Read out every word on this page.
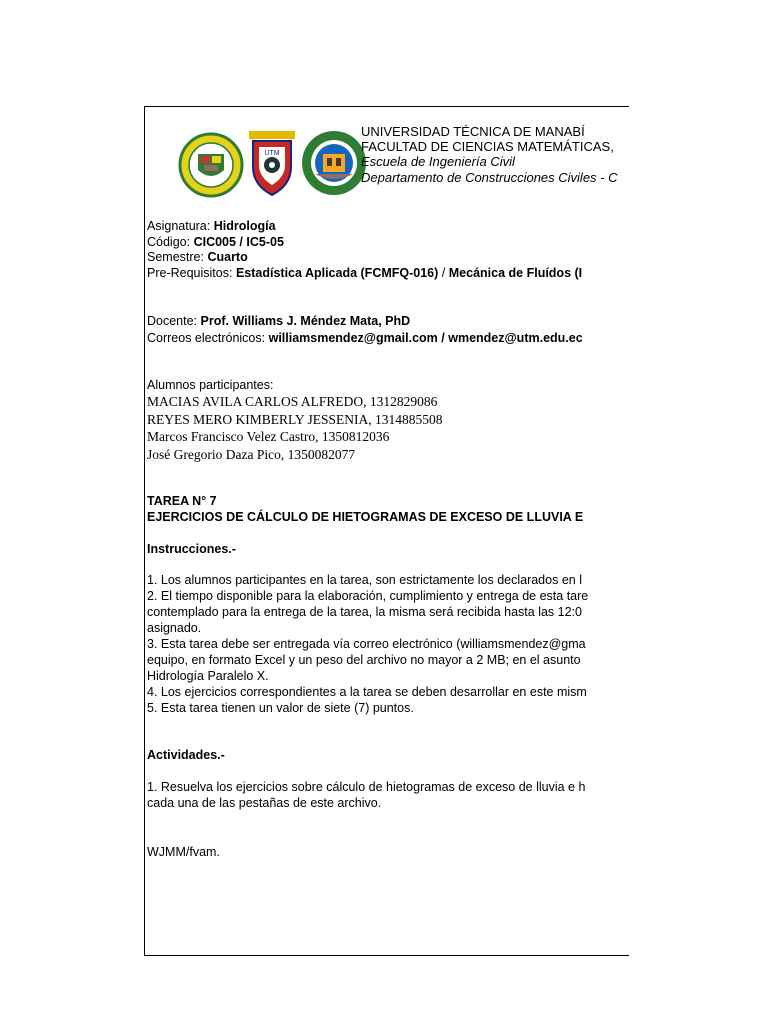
UTM
UNIVERSIDAD TÉCNICA DE MANABÍ
FACULTAD DE CIENCIAS MATEMÁTICAS,
Escuela de Ingeniería Civil
Departamento de Construcciones Civiles - C
Asignatura: Hidrología
Código: CIC005 / IC5-05
Semestre: Cuarto
Pre-Requisitos: Estadística Aplicada (FCMFQ-016) / Mecánica de Fluídos (I
Docente: Prof. Williams J. Méndez Mata, PhD
Correos electrónicos: williamsmendez@gmail.com / wmendez@utm.edu.ec
Alumnos participantes:
MACIAS AVILA CARLOS ALFREDO, 1312829086
REYES MERO KIMBERLY JESSENIA, 1314885508
Marcos Francisco Velez Castro, 1350812036
José Gregorio Daza Pico, 1350082077
TAREA N° 7
EJERCICIOS DE CÁLCULO DE HIETOGRAMAS DE EXCESO DE LLUVIA E
Instrucciones.-
1. Los alumnos participantes en la tarea, son estrictamente los declarados en l
2. El tiempo disponible para la elaboración, cumplimiento y entrega de esta tare
contemplado para la entrega de la tarea, la misma será recibida hasta las 12:0
asignado.
3. Esta tarea debe ser entregada vía correo electrónico (williamsmendez@gma
equipo, en formato Excel y un peso del archivo no mayor a 2 MB; en el asunto
Hidrología Paralelo X.
4. Los ejercicios correspondientes a la tarea se deben desarrollar en este mism
5. Esta tarea tienen un valor de siete (7) puntos.
Actividades.-
1. Resuelva los ejercicios sobre cálculo de hietogramas de exceso de lluvia e h
cada una de las pestañas de este archivo.
WJMM/fvam.
